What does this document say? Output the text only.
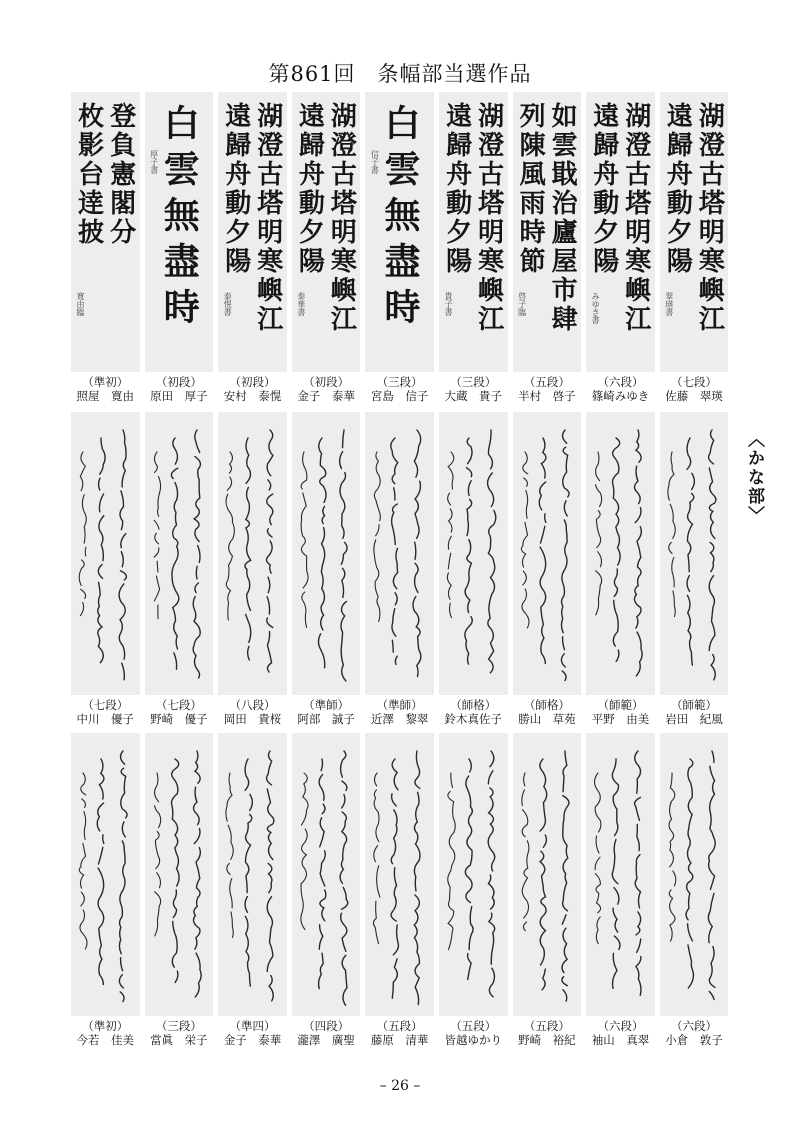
第861回　条幅部当選作品
登負憲閣分
枚影台逹披
寛由臨
（準初）
照屋　寛由
白雲無
盡時
厚子書
（初段）
原田　厚子
湖澄古塔明寒嶼江
遠歸舟動夕陽
泰愰書
（初段）
安村　泰愰
湖澄古塔明寒嶼江
遠歸舟動夕陽
泰華書
（初段）
金子　泰華
白雲無
盡時
信子書
（三段）
宮島　信子
湖澄古塔明寒嶼江
遠歸舟動夕陽
貴子書
（三段）
大蔵　貴子
如雲戢治廬屋市肆
列陳風雨時節
啓子臨
（五段）
半村　啓子
湖澄古塔明寒嶼江
遠歸舟動夕陽
みゆき書
（六段）
篠崎みゆき
湖澄古塔明寒嶼江
遠歸舟動夕陽
翠瑛書
（七段）
佐藤　翠瑛
（七段）
中川　優子
（七段）
野崎　優子
（八段）
岡田　貴桜
（準師）
阿部　誠子
（準師）
近澤　黎翠
（師格）
鈴木真佐子
（師格）
勝山　草苑
（師範）
平野　由美
（師範）
岩田　紀風
（準初）
今若　佳美
（三段）
當眞　栄子
（準四）
金子　泰華
（四段）
瀧澤　廣聖
（五段）
藤原　清華
（五段）
皆越ゆかり
（五段）
野崎　裕紀
（六段）
袖山　真翠
（六段）
小倉　敦子
〈かな部〉
– 26 –
